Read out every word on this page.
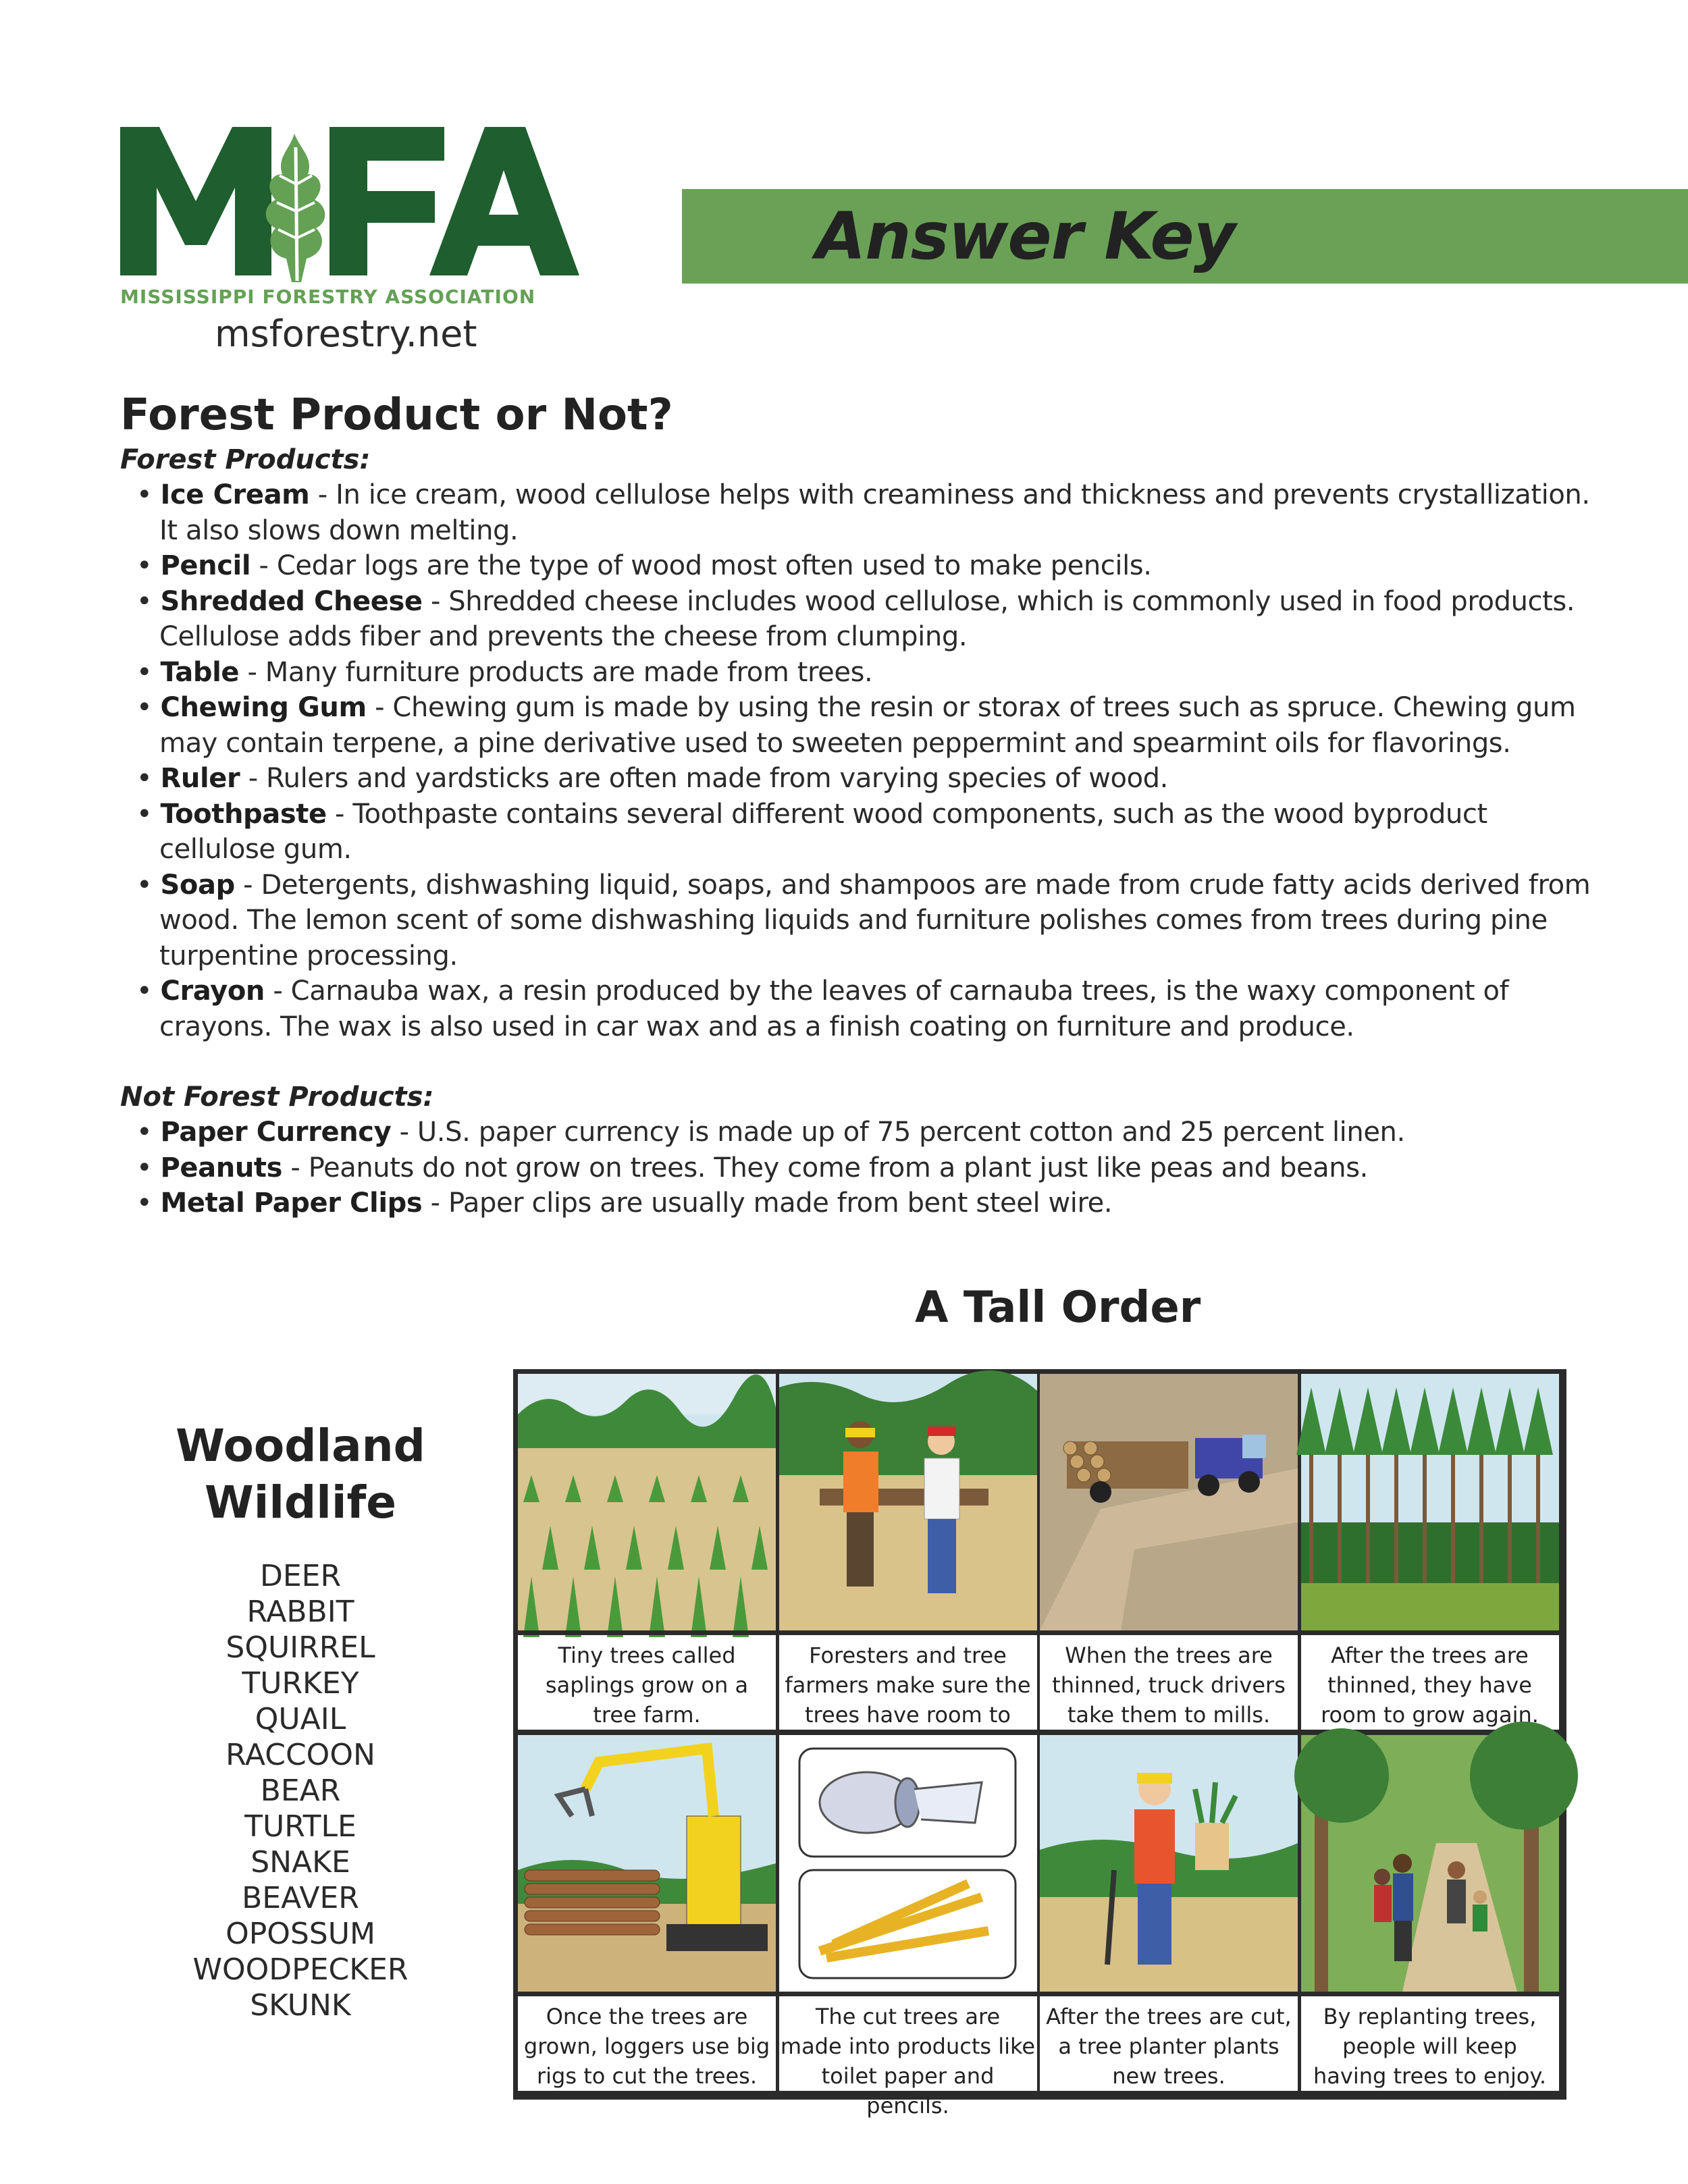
MISSISSIPPI FORESTRY ASSOCIATION
msforestry.net
Answer Key
Forest Product or Not?
Forest Products:
• Ice Cream - In ice cream, wood cellulose helps with creaminess and thickness and prevents crystallization. It also slows down melting.
• Pencil - Cedar logs are the type of wood most often used to make pencils.
• Shredded Cheese - Shredded cheese includes wood cellulose, which is commonly used in food products. Cellulose adds fiber and prevents the cheese from clumping.
• Table - Many furniture products are made from trees.
• Chewing Gum - Chewing gum is made by using the resin or storax of trees such as spruce. Chewing gum may contain terpene, a pine derivative used to sweeten peppermint and spearmint oils for flavorings.
• Ruler - Rulers and yardsticks are often made from varying species of wood.
• Toothpaste - Toothpaste contains several different wood components, such as the wood byproduct cellulose gum.
• Soap - Detergents, dishwashing liquid, soaps, and shampoos are made from crude fatty acids derived from wood. The lemon scent of some dishwashing liquids and furniture polishes comes from trees during pine turpentine processing.
• Crayon - Carnauba wax, a resin produced by the leaves of carnauba trees, is the waxy component of crayons. The wax is also used in car wax and as a finish coating on furniture and produce.
Not Forest Products:
• Paper Currency - U.S. paper currency is made up of 75 percent cotton and 25 percent linen.
• Peanuts - Peanuts do not grow on trees. They come from a plant just like peas and beans.
• Metal Paper Clips - Paper clips are usually made from bent steel wire.
A Tall Order
Woodland
Wildlife
DEER
RABBIT
SQUIRREL
TURKEY
QUAIL
RACCOON
BEAR
TURTLE
SNAKE
BEAVER
OPOSSUM
WOODPECKER
SKUNK
Tiny trees called
saplings grow on a
tree farm.
Foresters and tree
farmers make sure the
trees have room to
When the trees are
thinned, truck drivers
take them to mills.
After the trees are
thinned, they have
room to grow again.
Once the trees are
grown, loggers use big
rigs to cut the trees.
The cut trees are
made into products like
toilet paper and pencils.
After the trees are cut,
a tree planter plants
new trees.
By replanting trees,
people will keep
having trees to enjoy.
